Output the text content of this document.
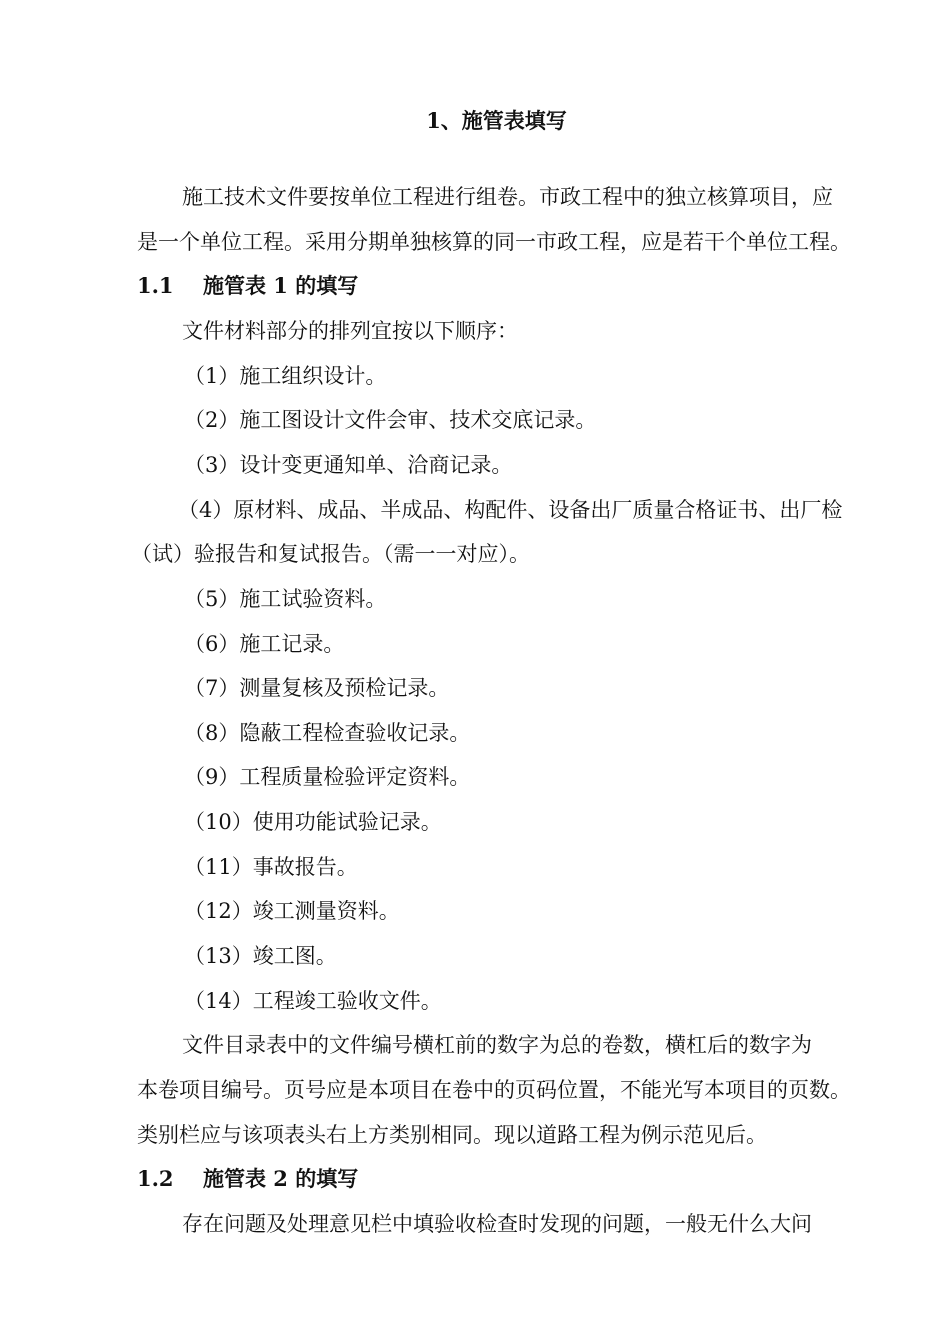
1、施管表填写
施工技术文件要按单位工程进行组卷。市政工程中的独立核算项目，应
是一个单位工程。采用分期单独核算的同一市政工程，应是若干个单位工程。
1.1 施管表 1 的填写
文件材料部分的排列宜按以下顺序：
（1）施工组织设计。
（2）施工图设计文件会审、技术交底记录。
（3）设计变更通知单、洽商记录。
（4）原材料、成品、半成品、构配件、设备出厂质量合格证书、出厂检
（试）验报告和复试报告。（需一一对应）。
（5）施工试验资料。
（6）施工记录。
（7）测量复核及预检记录。
（8）隐蔽工程检查验收记录。
（9）工程质量检验评定资料。
（10）使用功能试验记录。
（11）事故报告。
（12）竣工测量资料。
（13）竣工图。
（14）工程竣工验收文件。
文件目录表中的文件编号横杠前的数字为总的卷数，横杠后的数字为
本卷项目编号。页号应是本项目在卷中的页码位置，不能光写本项目的页数。
类别栏应与该项表头右上方类别相同。现以道路工程为例示范见后。
1.2 施管表 2 的填写
存在问题及处理意见栏中填验收检查时发现的问题，一般无什么大问
